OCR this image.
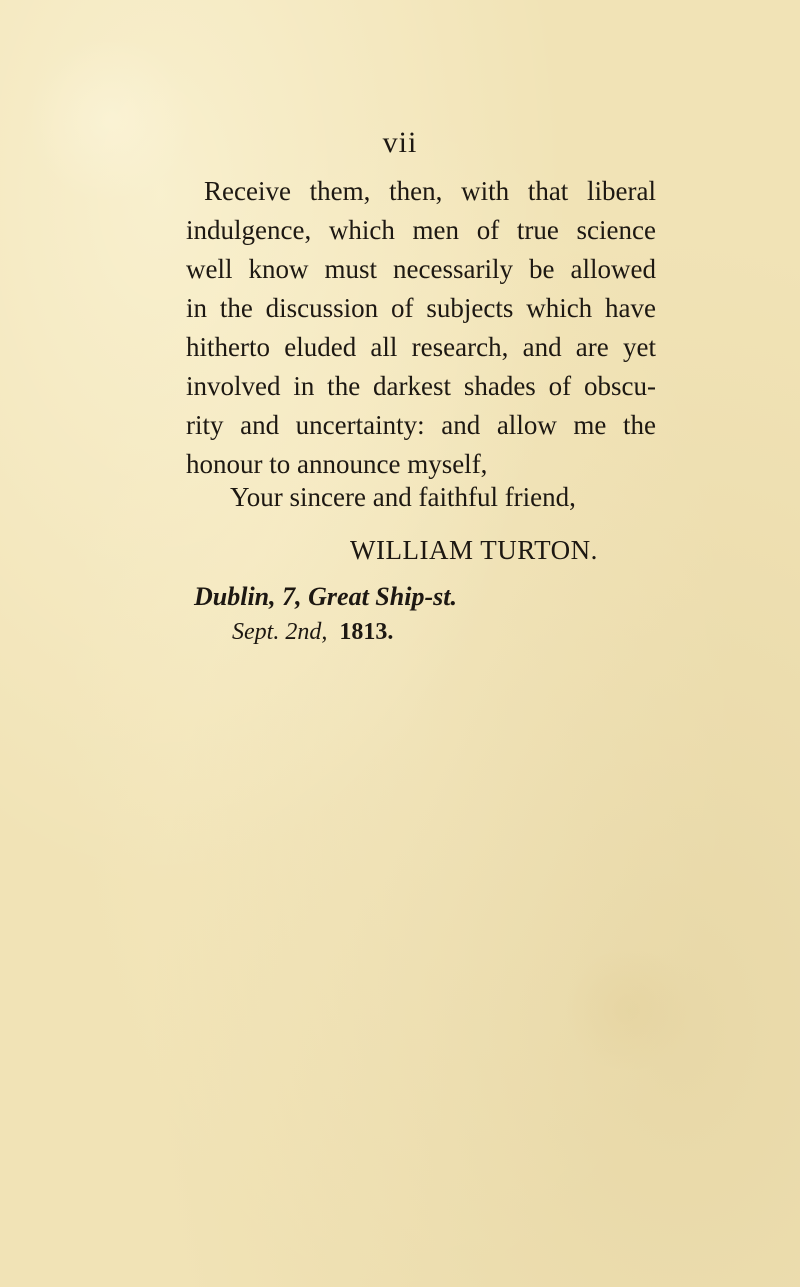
vii
Receive them, then, with that liberal
indulgence, which men of true science
well know must necessarily be allowed
in the discussion of subjects which have
hitherto eluded all research, and are yet
involved in the darkest shades of obscu-
rity and uncertainty: and allow me the
honour to announce myself,
Your sincere and faithful friend,
WILLIAM TURTON.
Dublin, 7, Great Ship-st.
Sept. 2nd, 1813.
